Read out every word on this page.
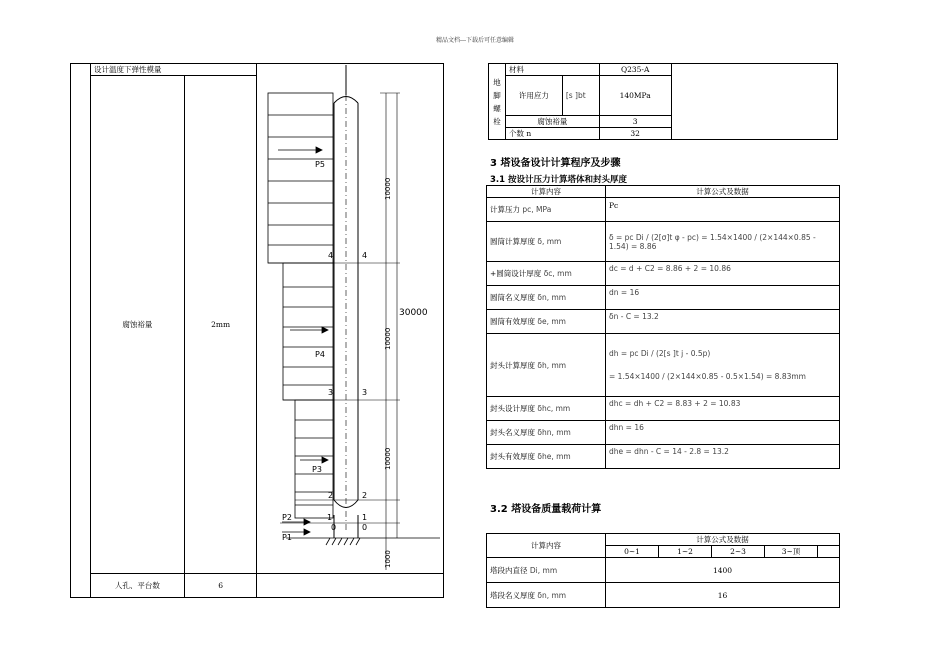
精品文档---下载后可任意编辑
	设计温度下弹性模量		
	腐蚀裕量	2mm	
	人孔、平台数	6	
P5
P4
P3
P2
P1
4	4
3	3
2	2
1	1
0	0
10000
10000
10000
1000
30000
地脚螺栓	材料		Q235-A	
	许用应力	[s ]bt	140MPa	
	腐蚀裕量		3	
	个数 n		32	
3 塔设备设计计算程序及步骤
3.1 按设计压力计算塔体和封头厚度
计算内容	计算公式及数据
计算压力 pc, MPa	Pc
圆筒计算厚度 δ, mm	δ = pc Di / (2[σ]t φ - pc) = 1.54×1400 / (2×144×0.85 - 1.54) = 8.86
+圆筒设计厚度 δc, mm	dc = d + C2 = 8.86 + 2 = 10.86
圆筒名义厚度 δn, mm	dn = 16
圆筒有效厚度 δe, mm	δn - C = 13.2
封头计算厚度 δh, mm	dh = pc Di / (2[s ]t j - 0.5p)
= 1.54×1400 / (2×144×0.85 - 0.5×1.54) = 8.83mm

封头设计厚度 δhc, mm	dhc = dh + C2 = 8.83 + 2 = 10.83
封头名义厚度 δhn, mm	dhn = 16
封头有效厚度 δhe, mm	dhe = dhn - C = 14 - 2.8 = 13.2
3.2 塔设备质量载荷计算
计算内容	计算公式及数据				
	0~1	1~2	2~3	3~顶	
塔段内直径 Di, mm	1400				
塔段名义厚度 δn, mm	16				
